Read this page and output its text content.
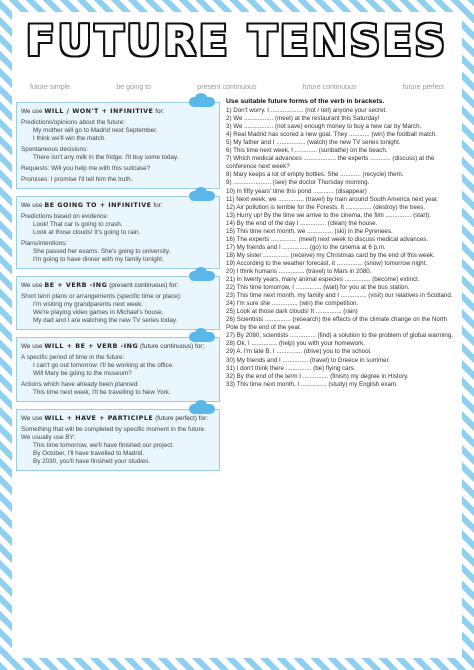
FUTURE TENSES
future simple	be going to	present continuous	future continuous	future perfect
We use WILL / WON'T + INFINITIVE for:
Predictions/opinions about the future:
My mother will go to Madrid next September.
I think we'll win the match.
Spontaneous decisions:
There isn't any milk in the fridge. I'll buy some today.
Requests: Will you help me with this suitcase?
Promises: I promise I'll tell him the truth.
We use BE GOING TO + INFINITIVE for:
Predictions based on evidence:
Look! That car is going to crash.
Look at those clouds! It's going to rain.
Plans/intentions:
She passed her exams. She's going to university.
I'm going to have dinner with my family tonight.
We use BE + VERB -ING (present continuous) for:
Short term plans or arrangements (specific time or place):
I'm visiting my grandparents next week.
We're playing video games in Michael's house.
My dad and I are watching the new TV series today.
We use WILL + BE + VERB -ING (future continuous) for:
A specific period of time in the future:
I can't go out tomorrow. I'll be working at the office.
Will Mary be going to the museum?
Actions which have already been planned:
This time next week, I'll be travelling to New York.
We use WILL + HAVE + PARTICIPLE (future perfect) for:
Something that will be completed by specific moment in the future. We usually use BY:
This time tomorrow, we'll have finished our project.
By October, I'll have travelled to Madrid.
By 2030, you'll have finished your studies.
Use suitable future forms of the verb in brackets.
1) Don't worry. I ................... (not / tell) anyone your secret.
2) We ................. (meet) at the restaurant this Saturday!
3) We ................. (not save) enough money to buy a new car by March.
4) Real Madrid has scored a new goal. They ............ (win) the football match.
5) My father and I ................. (watch) the new TV series tonight.
6) This time next week, I ............. (sunbathe) on the beach.
7) Which medical advances ................... the experts ............ (discuss) at the conference next week?
8) Mary keeps a lot of empty bottles. She ............ (recycle) them.
9) ...................... (see) the doctor Thursday morning.
10) In fifty years' time this pond ............ (disappear)
11) Next week, we ............... (travel) by train around South America next year.
12) Air pollution is terrible for the Forests. It ............... (destroy) the trees.
13) Hurry up! By the time we arrive to the cinema, the film ............... (start).
14) By the end of the day I ............... (clean) the house.
15) This time next month, we ............... (ski) in the Pyrenees.
16) The experts ............... (meet) next week to discuss medical advances.
17) My friends and I ............... (go) to the cinema at 6 p.m.
18) My sister ............... (receive) my Christmas card by the end of this week.
19) According to the weather forecast, it ............... (snow) tomorrow night.
20) I think humans ............... (travel) to Mars in 2080.
21) In twenty years, many animal especies ............... (become) extinct.
22) This time tomorrow, I ............... (wait) for you at the bus station.
23) This time next month, my family and I ............... (visit) our relatives in Scotland.
24) I'm sure she ............... (win) the competition.
25) Look at those dark clouds! It ............... (rain)
26) Scientists ............... (research) the effects of the climate change on the North Pole by the end of the year.
27) By 2080, scientists ............... (find) a solution to the problem of global warming.
28) Ok, I ............... (help) you with your homework.
29) A. I'm late B. I ............... (drive) you to the school.
30) My friends and I ............... (travel) to Greece in summer.
31) I don't think there ............... (be) flying cars.
32) By the end of the term I ............... (finish) my degree in History.
33) This time next month, I ............... (study) my English exam.
